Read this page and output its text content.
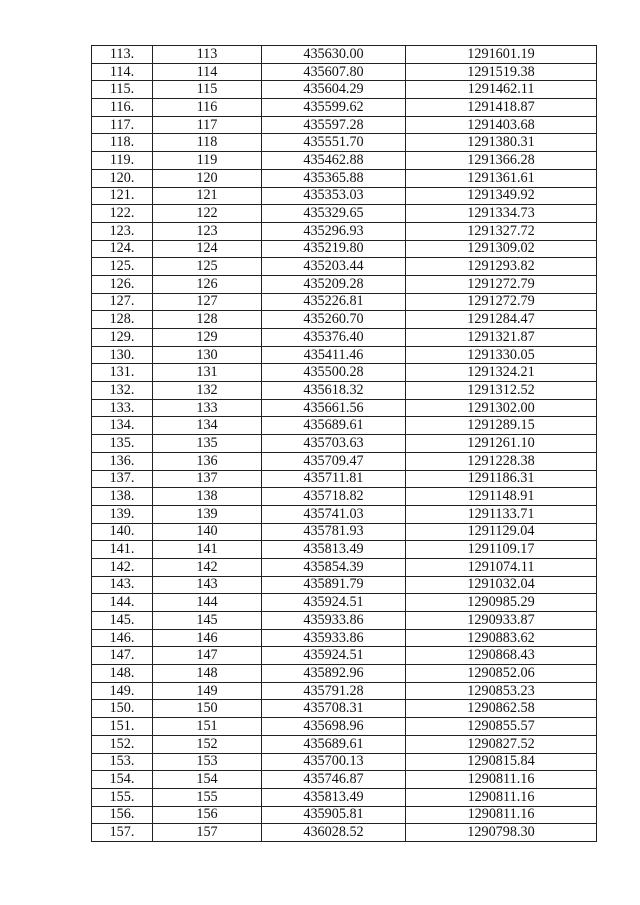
113.	113	435630.00	1291601.19
114.	114	435607.80	1291519.38
115.	115	435604.29	1291462.11
116.	116	435599.62	1291418.87
117.	117	435597.28	1291403.68
118.	118	435551.70	1291380.31
119.	119	435462.88	1291366.28
120.	120	435365.88	1291361.61
121.	121	435353.03	1291349.92
122.	122	435329.65	1291334.73
123.	123	435296.93	1291327.72
124.	124	435219.80	1291309.02
125.	125	435203.44	1291293.82
126.	126	435209.28	1291272.79
127.	127	435226.81	1291272.79
128.	128	435260.70	1291284.47
129.	129	435376.40	1291321.87
130.	130	435411.46	1291330.05
131.	131	435500.28	1291324.21
132.	132	435618.32	1291312.52
133.	133	435661.56	1291302.00
134.	134	435689.61	1291289.15
135.	135	435703.63	1291261.10
136.	136	435709.47	1291228.38
137.	137	435711.81	1291186.31
138.	138	435718.82	1291148.91
139.	139	435741.03	1291133.71
140.	140	435781.93	1291129.04
141.	141	435813.49	1291109.17
142.	142	435854.39	1291074.11
143.	143	435891.79	1291032.04
144.	144	435924.51	1290985.29
145.	145	435933.86	1290933.87
146.	146	435933.86	1290883.62
147.	147	435924.51	1290868.43
148.	148	435892.96	1290852.06
149.	149	435791.28	1290853.23
150.	150	435708.31	1290862.58
151.	151	435698.96	1290855.57
152.	152	435689.61	1290827.52
153.	153	435700.13	1290815.84
154.	154	435746.87	1290811.16
155.	155	435813.49	1290811.16
156.	156	435905.81	1290811.16
157.	157	436028.52	1290798.30
